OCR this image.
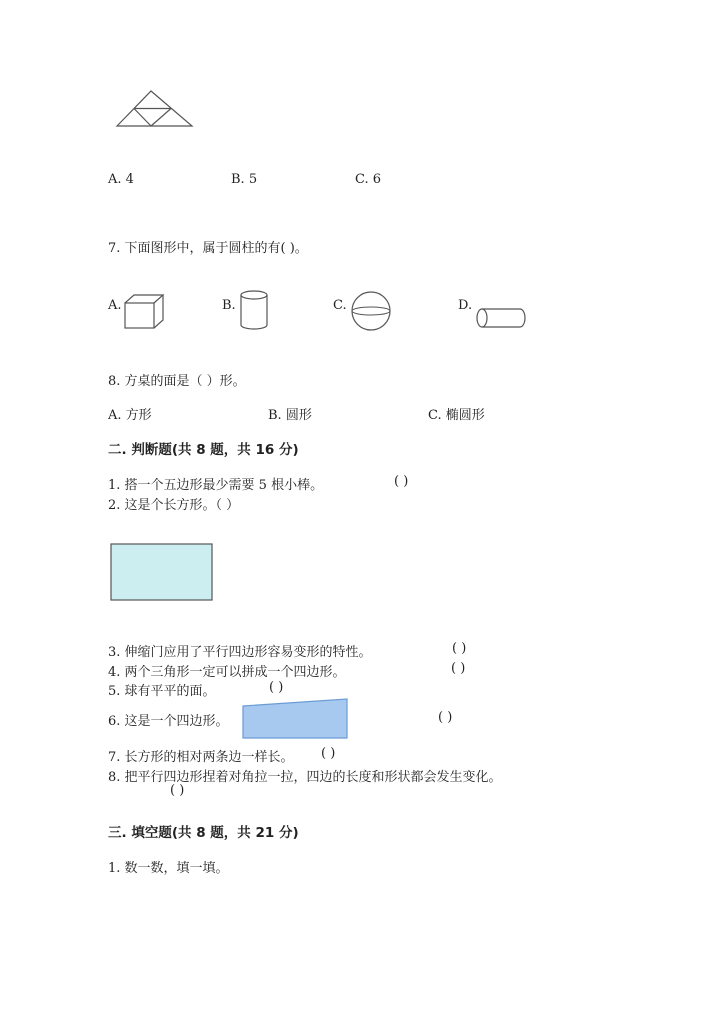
A. 4	B. 5	C. 6
7. 下面图形中，属于圆柱的有( )。
A.	B.	C.	D.
8. 方桌的面是（ ）形。
A. 方形	B. 圆形	C. 椭圆形
二. 判断题(共 8 题，共 16 分)
1. 搭一个五边形最少需要 5 根小棒。	( )
2. 这是个长方形。（ ）
3. 伸缩门应用了平行四边形容易变形的特性。	( )
4. 两个三角形一定可以拼成一个四边形。	( )
5. 球有平平的面。	( )
6. 这是一个四边形。	( )
7. 长方形的相对两条边一样长。 ( )
8. 把平行四边形捏着对角拉一拉，四边的长度和形状都会发生变化。
( )
三. 填空题(共 8 题，共 21 分)
1. 数一数，填一填。
